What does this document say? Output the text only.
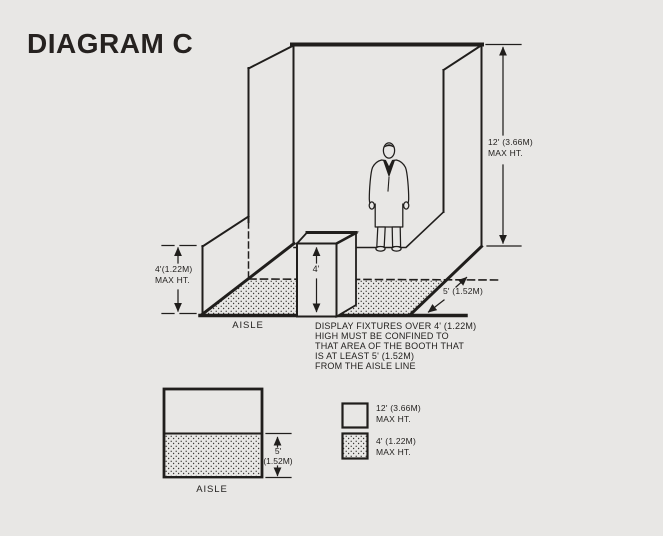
DIAGRAM C
12' (3.66M)
MAX HT.
4'(1.22M)
MAX HT.
4'
5' (1.52M)
AISLE	DISPLAY FIXTURES OVER 4' (1.22M)
HIGH MUST BE CONFINED TO
THAT AREA OF THE BOOTH THAT
IS AT LEAST 5' (1.52M)
FROM THE AISLE LINE
12' (3.66M)
MAX HT.
4' (1.22M)
MAX HT.
5'
(1.52M)
AISLE
